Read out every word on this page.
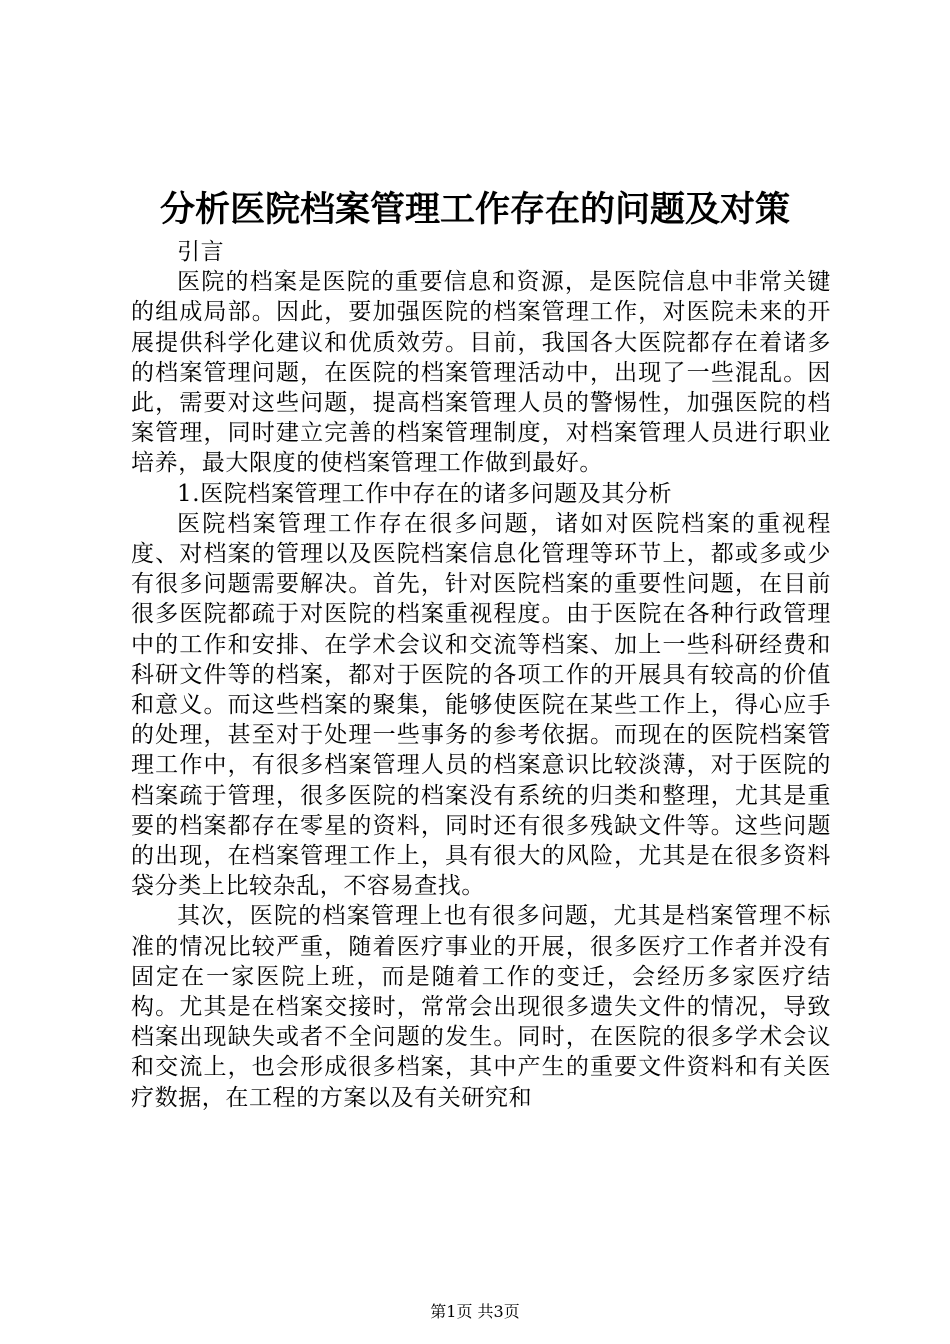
分析医院档案管理工作存在的问题及对策

引言

医院的档案是医院的重要信息和资源，是医院信息中非常关键的组成局部。因此，要加强医院的档案管理工作，对医院未来的开展提供科学化建议和优质效劳。目前，我国各大医院都存在着诸多的档案管理问题，在医院的档案管理活动中，出现了一些混乱。因此，需要对这些问题，提高档案管理人员的警惕性，加强医院的档案管理，同时建立完善的档案管理制度，对档案管理人员进行职业培养，最大限度的使档案管理工作做到最好。

1.医院档案管理工作中存在的诸多问题及其分析

医院档案管理工作存在很多问题，诸如对医院档案的重视程度、对档案的管理以及医院档案信息化管理等环节上，都或多或少有很多问题需要解决。首先，针对医院档案的重要性问题，在目前很多医院都疏于对医院的档案重视程度。由于医院在各种行政管理中的工作和安排、在学术会议和交流等档案、加上一些科研经费和科研文件等的档案，都对于医院的各项工作的开展具有较高的价值和意义。而这些档案的聚集，能够使医院在某些工作上，得心应手的处理，甚至对于处理一些事务的参考依据。而现在的医院档案管理工作中，有很多档案管理人员的档案意识比较淡薄，对于医院的档案疏于管理，很多医院的档案没有系统的归类和整理，尤其是重要的档案都存在零星的资料，同时还有很多残缺文件等。这些问题的出现，在档案管理工作上，具有很大的风险，尤其是在很多资料袋分类上比较杂乱，不容易查找。

其次，医院的档案管理上也有很多问题，尤其是档案管理不标准的情况比较严重，随着医疗事业的开展，很多医疗工作者并没有固定在一家医院上班，而是随着工作的变迁，会经历多家医疗结构。尤其是在档案交接时，常常会出现很多遗失文件的情况，导致档案出现缺失或者不全问题的发生。同时，在医院的很多学术会议和交流上，也会形成很多档案，其中产生的重要文件资料和有关医疗数据，在工程的方案以及有关研究和

第1页 共3页
